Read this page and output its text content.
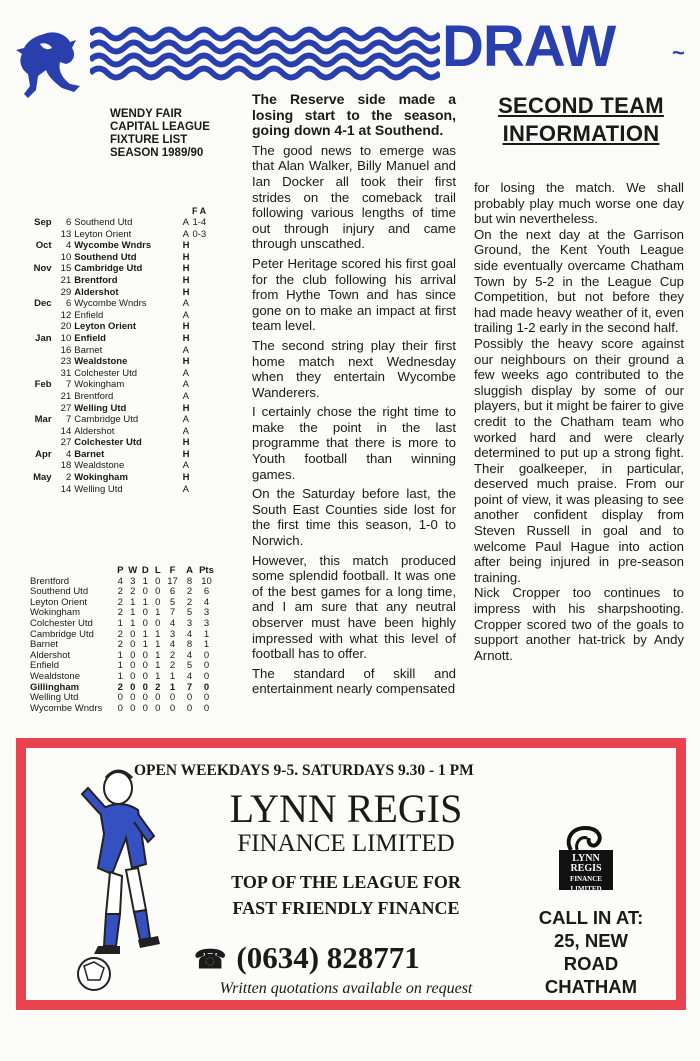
DRAW	~
WENDY FAIR
CAPITAL LEAGUE
FIXTURE LIST
SEASON 1989/90
F A
Sep	6 Southend Utd	A 1-4
13 Leyton Orient	A 0-3
Oct	4 Wycombe Wndrs	H
10 Southend Utd	H
Nov 15 Cambridge Utd	H
21 Brentford	H
29 Aldershot	H
Dec	6 Wycombe Wndrs	A
12 Enfield	A
20 Leyton Orient	H
Jan 10 Enfield	H
16 Barnet	A
23 Wealdstone	H
31 Colchester Utd	A
Feb	7 Wokingham	A
21 Brentford	A
27 Welling Utd	H
Mar	7 Cambridge Utd	A
14 Aldershot	A
27 Colchester Utd	H
Apr	4 Barnet	H
18 Wealdstone	A
May	2 Wokingham	H
14 Welling Utd	A
P W D L F	A Pts
Brentford	4 3 1 0 17 8 10
Southend Utd	2 2 0 0 6	2	6
Leyton Orient	2 1 1 0 5	2	4
Wokingham	2 1 0 1 7	5	3
Colchester Utd	1 1 0 0 4	3	3
Cambridge Utd	2 0 1 1 3	4	1
Barnet	2 0 1 1 4	8	1
Aldershot	1 0 0 1 2	4	0
Enfield	1 0 0 1 2	5	0
Wealdstone	1 0 0 1 1	4	0
Gillingham	2 0 0 2 1	7	0
Welling Utd	0 0 0 0 0	0	0
Wycombe Wndrs	0 0 0 0 0	0	0

The Reserve side made a losing start to the season, going down 4-1 at Southend.

The good news to emerge was that Alan Walker, Billy Manuel and Ian Docker all took their first strides on the comeback trail following various lengths of time out through injury and came through unscathed.

Peter Heritage scored his first goal for the club following his arrival from Hythe Town and has since gone on to make an impact at first team level.

The second string play their first home match next Wednesday when they entertain Wycombe Wanderers.

I certainly chose the right time to make the point in the last programme that there is more to Youth football than winning games.

On the Saturday before last, the South East Counties side lost for the first time this season, 1-0 to Norwich.

However, this match produced some splendid football. It was one of the best games for a long time, and I am sure that any neutral observer must have been highly impressed with what this level of football has to offer.

The standard of skill and entertainment nearly compensated

SECOND TEAM
INFORMATION

for losing the match. We shall probably play much worse one day but win nevertheless.

On the next day at the Garrison Ground, the Kent Youth League side eventually overcame Chatham Town by 5-2 in the League Cup Competition, but not before they had made heavy weather of it, even trailing 1-2 early in the second half.

Possibly the heavy score against our neighbours on their ground a few weeks ago contributed to the sluggish display by some of our players, but it might be fairer to give credit to the Chatham team who worked hard and were clearly determined to put up a strong fight. Their goalkeeper, in particular, deserved much praise. From our point of view, it was pleasing to see another confident display from Steven Russell in goal and to welcome Paul Hague into action after being injured in pre-season training.

Nick Cropper too continues to impress with his sharpshooting. Cropper scored two of the goals to support another hat-trick by Andy Arnott.

OPEN WEEKDAYS 9-5. SATURDAYS 9.30 - 1 PM
LYNN REGIS
FINANCE LIMITED
TOP OF THE LEAGUE FOR
FAST FRIENDLY FINANCE
☎ (0634) 828771
Written quotations available on request
LYNN
REGIS
FINANCE
LIMITED
CALL IN AT:
25, NEW ROAD
CHATHAM
